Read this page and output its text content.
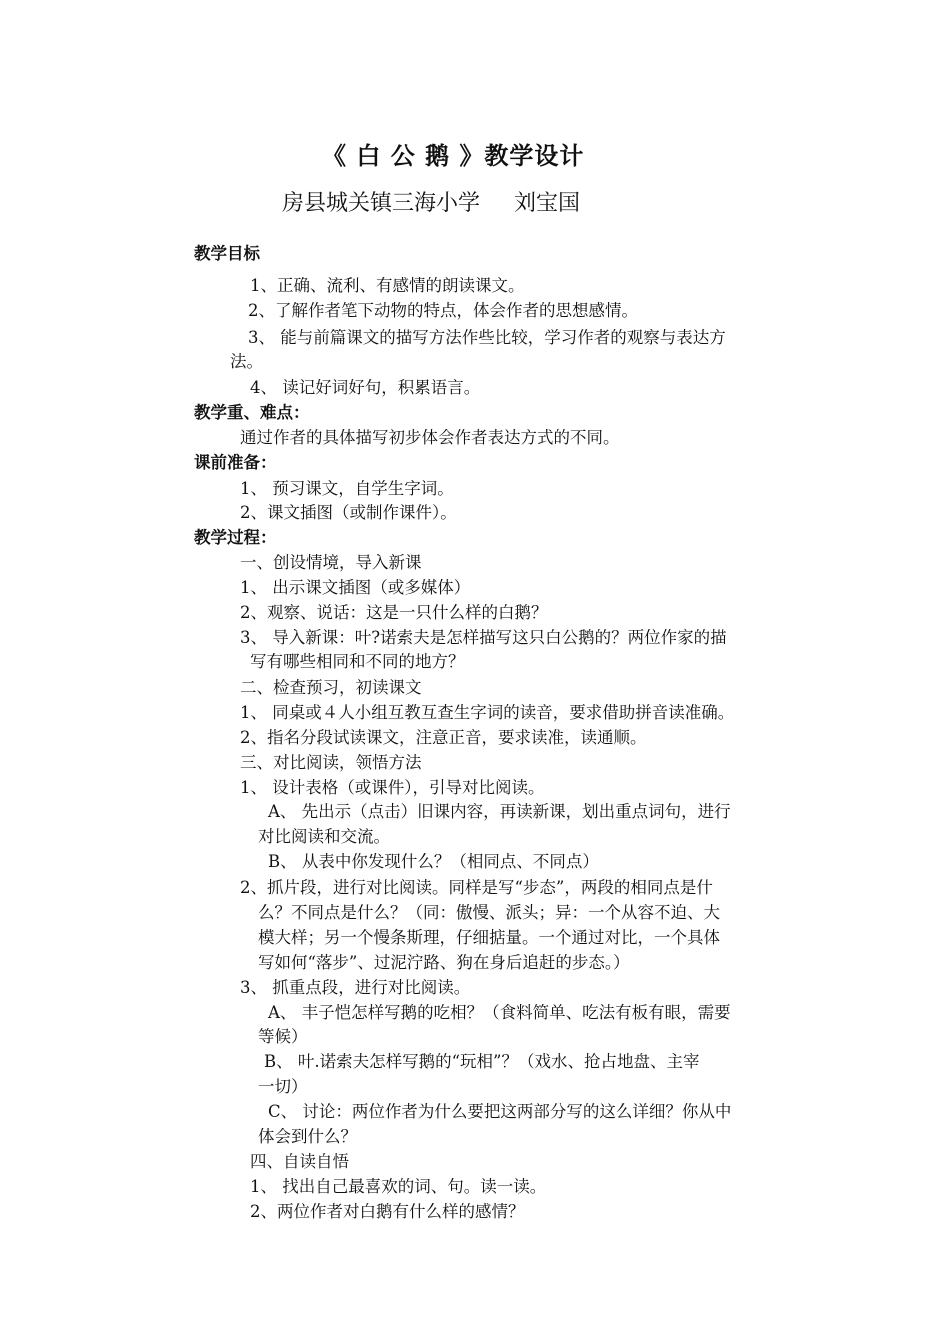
《 白 公 鹅 》教学设计
房县城关镇三海小学 刘宝国
教学目标
1、正确、流利、有感情的朗读课文。
2、了解作者笔下动物的特点，体会作者的思想感情。
3、 能与前篇课文的描写方法作些比较，学习作者的观察与表达方
法。
4、 读记好词好句，积累语言。
教学重、难点：
通过作者的具体描写初步体会作者表达方式的不同。
课前准备：
1、 预习课文，自学生字词。
2、课文插图（或制作课件）。
教学过程：
一、创设情境，导入新课
1、 出示课文插图（或多媒体）
2、观察、说话：这是一只什么样的白鹅？
3、 导入新课：叶?诺索夫是怎样描写这只白公鹅的？两位作家的描
写有哪些相同和不同的地方？
二、检查预习，初读课文
1、 同桌或４人小组互教互查生字词的读音，要求借助拼音读准确。
2、指名分段试读课文，注意正音，要求读准，读通顺。
三、对比阅读，领悟方法
1、 设计表格（或课件），引导对比阅读。
A、 先出示（点击）旧课内容，再读新课，划出重点词句，进行
对比阅读和交流。
B、 从表中你发现什么？（相同点、不同点）
2、抓片段，进行对比阅读。同样是写“步态”，两段的相同点是什
么？不同点是什么？（同：傲慢、派头；异：一个从容不迫、大
模大样；另一个慢条斯理，仔细掂量。一个通过对比，一个具体
写如何“落步”、过泥泞路、狗在身后追赶的步态。）
3、 抓重点段，进行对比阅读。
A、 丰子恺怎样写鹅的吃相？（食料简单、吃法有板有眼，需要
等候）
B、 叶.诺索夫怎样写鹅的“玩相”？（戏水、抢占地盘、主宰
一切）
C、 讨论：两位作者为什么要把这两部分写的这么详细？你从中
体会到什么？
四、自读自悟
1、 找出自己最喜欢的词、句。读一读。
2、两位作者对白鹅有什么样的感情？
